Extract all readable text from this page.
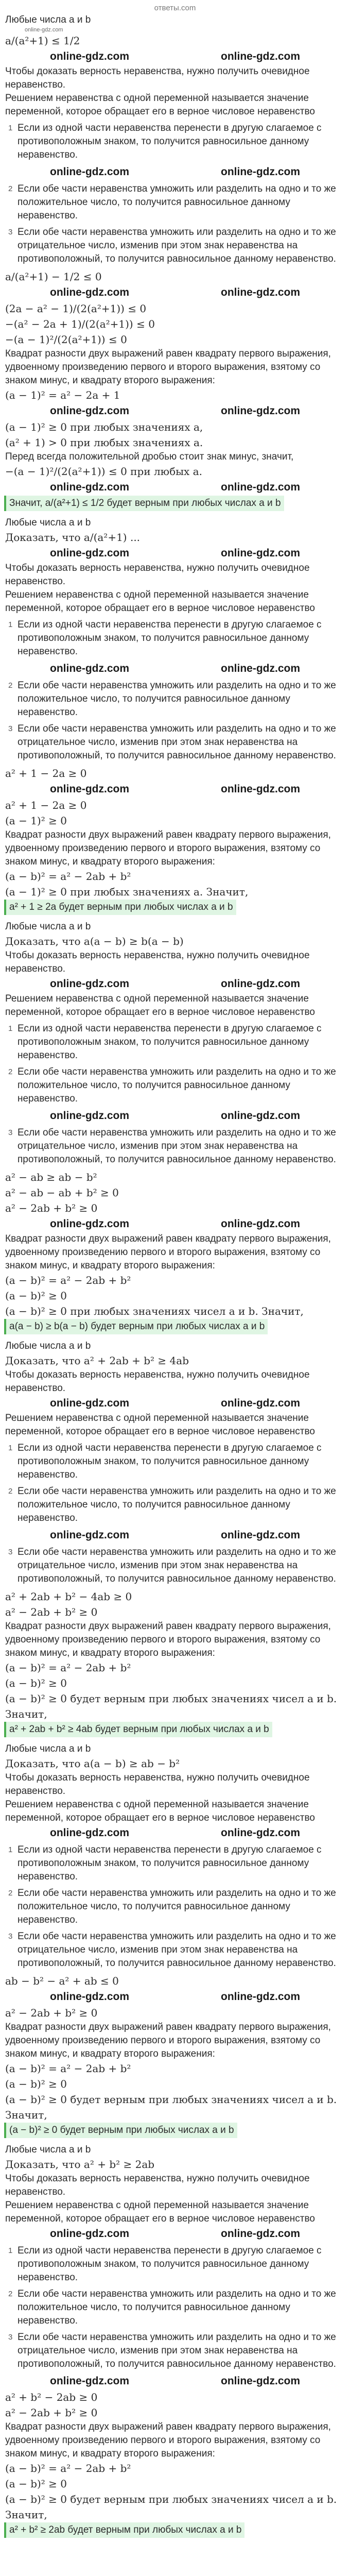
ответы.com

Любые числа a и b

online-gdz.com
a/(a²+1) ≤ 1/2
online-gdz.com	online-gdz.com

Чтобы доказать верность неравенства, нужно получить очевидное неравенство.

Решением неравенства с одной переменной называется значение переменной, которое обращает его в верное числовое неравенство

1 Если из одной части неравенства перенести в другую слагаемое с противоположным знаком, то получится равносильное данному неравенство.
online-gdz.com	online-gdz.com
2 Если обе части неравенства умножить или разделить на одно и то же положительное число, то получится равносильное данному неравенство.
3 Если обе части неравенства умножить или разделить на одно и то же отрицательное число, изменив при этом знак неравенства на противоположный, то получится равносильное данному неравенство.
a/(a²+1) − 1/2 ≤ 0
online-gdz.com	online-gdz.com
(2a − a² − 1)/(2(a²+1)) ≤ 0
−(a² − 2a + 1)/(2(a²+1)) ≤ 0
−(a − 1)²/(2(a²+1)) ≤ 0

Квадрат разности двух выражений равен квадрату первого выражения, удвоенному произведению первого и второго выражения, взятому со знаком минус, и квадрату второго выражения:

(a − 1)² = a² − 2a + 1
online-gdz.com	online-gdz.com
(a − 1)² ≥ 0 при любых значениях a,
(a² + 1) > 0 при любых значениях a.

Перед всегда положительной дробью стоит знак минус, значит,

−(a − 1)²/(2(a²+1)) ≤ 0 при любых a.
online-gdz.com	online-gdz.com
Значит, a/(a²+1) ≤ 1/2 будет верным при любых числах a и b

Любые числа a и b

Доказать, что a/(a²+1) ...
online-gdz.com	online-gdz.com

Чтобы доказать верность неравенства, нужно получить очевидное неравенство.

Решением неравенства с одной переменной называется значение переменной, которое обращает его в верное числовое неравенство

1 Если из одной части неравенства перенести в другую слагаемое с противоположным знаком, то получится равносильное данному неравенство.
online-gdz.com	online-gdz.com
2 Если обе части неравенства умножить или разделить на одно и то же положительное число, то получится равносильное данному неравенство.
3 Если обе части неравенства умножить или разделить на одно и то же отрицательное число, изменив при этом знак неравенства на противоположный, то получится равносильное данному неравенство.
a² + 1 − 2a ≥ 0
online-gdz.com	online-gdz.com
a² + 1 − 2a ≥ 0
(a − 1)² ≥ 0

Квадрат разности двух выражений равен квадрату первого выражения, удвоенному произведению первого и второго выражения, взятому со знаком минус, и квадрату второго выражения:

(a − b)² = a² − 2ab + b²
(a − 1)² ≥ 0 при любых значениях a. Значит,
a² + 1 ≥ 2a будет верным при любых числах a и b

Любые числа a и b

Доказать, что a(a − b) ≥ b(a − b)

Чтобы доказать верность неравенства, нужно получить очевидное неравенство.

online-gdz.com	online-gdz.com

Решением неравенства с одной переменной называется значение переменной, которое обращает его в верное числовое неравенство

1 Если из одной части неравенства перенести в другую слагаемое с противоположным знаком, то получится равносильное данному неравенство.
2 Если обе части неравенства умножить или разделить на одно и то же положительное число, то получится равносильное данному неравенство.
online-gdz.com	online-gdz.com
3 Если обе части неравенства умножить или разделить на одно и то же отрицательное число, изменив при этом знак неравенства на противоположный, то получится равносильное данному неравенство.
a² − ab ≥ ab − b²
a² − ab − ab + b² ≥ 0
a² − 2ab + b² ≥ 0
online-gdz.com	online-gdz.com

Квадрат разности двух выражений равен квадрату первого выражения, удвоенному произведению первого и второго выражения, взятому со знаком минус, и квадрату второго выражения:

(a − b)² = a² − 2ab + b²
(a − b)² ≥ 0
(a − b)² ≥ 0 при любых значениях чисел a и b. Значит,
a(a − b) ≥ b(a − b) будет верным при любых числах a и b

Любые числа a и b

Доказать, что a² + 2ab + b² ≥ 4ab

Чтобы доказать верность неравенства, нужно получить очевидное неравенство.

online-gdz.com	online-gdz.com

Решением неравенства с одной переменной называется значение переменной, которое обращает его в верное числовое неравенство

1 Если из одной части неравенства перенести в другую слагаемое с противоположным знаком, то получится равносильное данному неравенство.
2 Если обе части неравенства умножить или разделить на одно и то же положительное число, то получится равносильное данному неравенство.
online-gdz.com	online-gdz.com
3 Если обе части неравенства умножить или разделить на одно и то же отрицательное число, изменив при этом знак неравенства на противоположный, то получится равносильное данному неравенство.
a² + 2ab + b² − 4ab ≥ 0
a² − 2ab + b² ≥ 0

Квадрат разности двух выражений равен квадрату первого выражения, удвоенному произведению первого и второго выражения, взятому со знаком минус, и квадрату второго выражения:

(a − b)² = a² − 2ab + b²
(a − b)² ≥ 0
(a − b)² ≥ 0 будет верным при любых значениях чисел a и b. Значит,
a² + 2ab + b² ≥ 4ab будет верным при любых числах a и b

Любые числа a и b

Доказать, что a(a − b) ≥ ab − b²

Чтобы доказать верность неравенства, нужно получить очевидное неравенство.

Решением неравенства с одной переменной называется значение переменной, которое обращает его в верное числовое неравенство

online-gdz.com	online-gdz.com
1 Если из одной части неравенства перенести в другую слагаемое с противоположным знаком, то получится равносильное данному неравенство.
2 Если обе части неравенства умножить или разделить на одно и то же положительное число, то получится равносильное данному неравенство.
3 Если обе части неравенства умножить или разделить на одно и то же отрицательное число, изменив при этом знак неравенства на противоположный, то получится равносильное данному неравенство.
ab − b² − a² + ab ≤ 0
online-gdz.com	online-gdz.com
a² − 2ab + b² ≥ 0

Квадрат разности двух выражений равен квадрату первого выражения, удвоенному произведению первого и второго выражения, взятому со знаком минус, и квадрату второго выражения:

(a − b)² = a² − 2ab + b²
(a − b)² ≥ 0
(a − b)² ≥ 0 будет верным при любых значениях чисел a и b. Значит,
(a − b)² ≥ 0 будет верным при любых числах a и b

Любые числа a и b

Доказать, что a² + b² ≥ 2ab

Чтобы доказать верность неравенства, нужно получить очевидное неравенство.

Решением неравенства с одной переменной называется значение переменной, которое обращает его в верное числовое неравенство

online-gdz.com	online-gdz.com
1 Если из одной части неравенства перенести в другую слагаемое с противоположным знаком, то получится равносильное данному неравенство.
2 Если обе части неравенства умножить или разделить на одно и то же положительное число, то получится равносильное данному неравенство.
3 Если обе части неравенства умножить или разделить на одно и то же отрицательное число, изменив при этом знак неравенства на противоположный, то получится равносильное данному неравенство.
online-gdz.com	online-gdz.com
a² + b² − 2ab ≥ 0
a² − 2ab + b² ≥ 0

Квадрат разности двух выражений равен квадрату первого выражения, удвоенному произведению первого и второго выражения, взятому со знаком минус, и квадрату второго выражения:

(a − b)² = a² − 2ab + b²
(a − b)² ≥ 0
(a − b)² ≥ 0 будет верным при любых значениях чисел a и b. Значит,
a² + b² ≥ 2ab будет верным при любых числах a и b
